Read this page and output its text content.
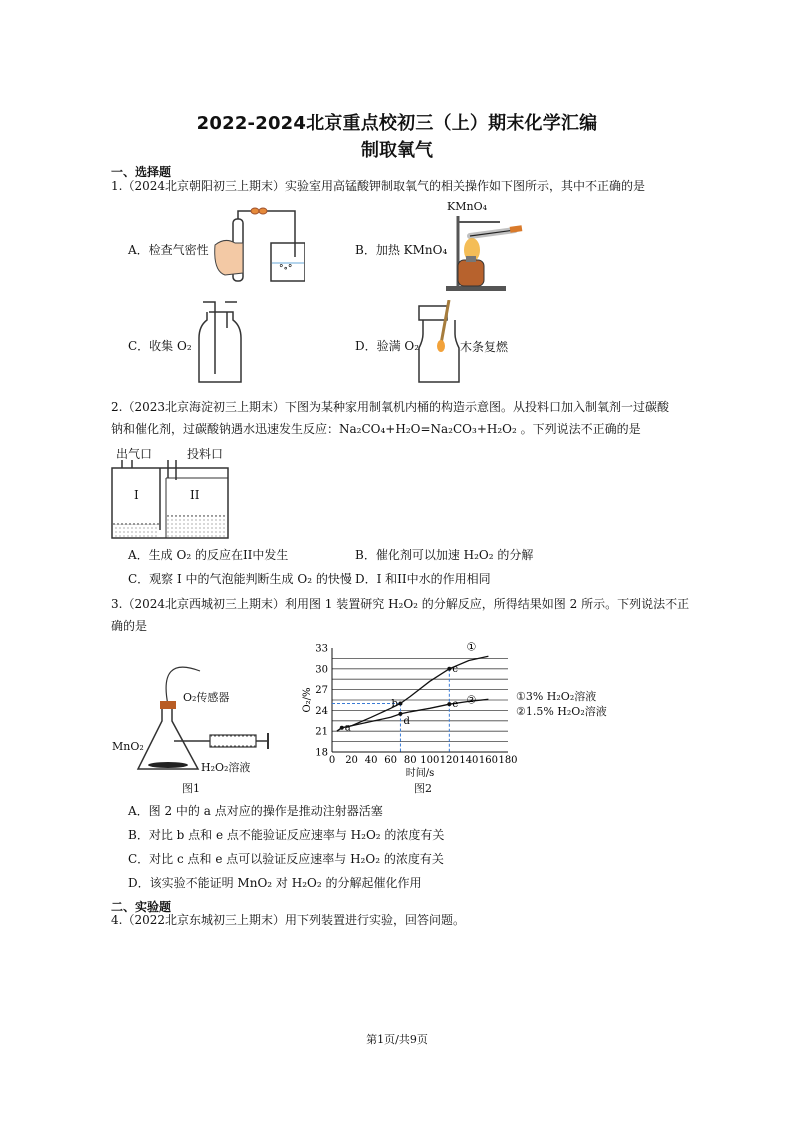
2022-2024北京重点校初三（上）期末化学汇编
制取氧气
一、选择题
1.（2024北京朝阳初三上期末）实验室用高锰酸钾制取氧气的相关操作如下图所示，其中不正确的是
°∘°
KMnO₄
A．检查气密性	B．加热 KMnO₄
C．收集 O₂	D．验满 O₂	木条复燃
2.（2023北京海淀初三上期末）下图为某种家用制氧机内桶的构造示意图。从投料口加入制氧剂一过碳酸
钠和催化剂，过碳酸钠遇水迅速发生反应：Na₂CO₄+H₂O=Na₂CO₃+H₂O₂ 。下列说法不正确的是
出气口	投料口
I	II
A．生成 O₂ 的反应在II中发生	B．催化剂可以加速 H₂O₂ 的分解
C．观察 I 中的气泡能判断生成 O₂ 的快慢 D．I 和II中水的作用相同
3.（2024北京西城初三上期末）利用图 1 装置研究 H₂O₂ 的分解反应，所得结果如图 2 所示。下列说法不正
确的是
O₂传感器
MnO₂
H₂O₂溶液
图1
18
21
24
27
30
33
0 20 40 60 80 100 120 140 160 180
时间/s
O₂/%
①
②
a
b
c
d
e
图2
①3% H₂O₂溶液
②1.5% H₂O₂溶液
A．图 2 中的 a 点对应的操作是推动注射器活塞
B．对比 b 点和 e 点不能验证反应速率与 H₂O₂ 的浓度有关
C．对比 c 点和 e 点可以验证反应速率与 H₂O₂ 的浓度有关
D．该实验不能证明 MnO₂ 对 H₂O₂ 的分解起催化作用
二、实验题
4.（2022北京东城初三上期末）用下列装置进行实验，回答问题。
第1页/共9页
